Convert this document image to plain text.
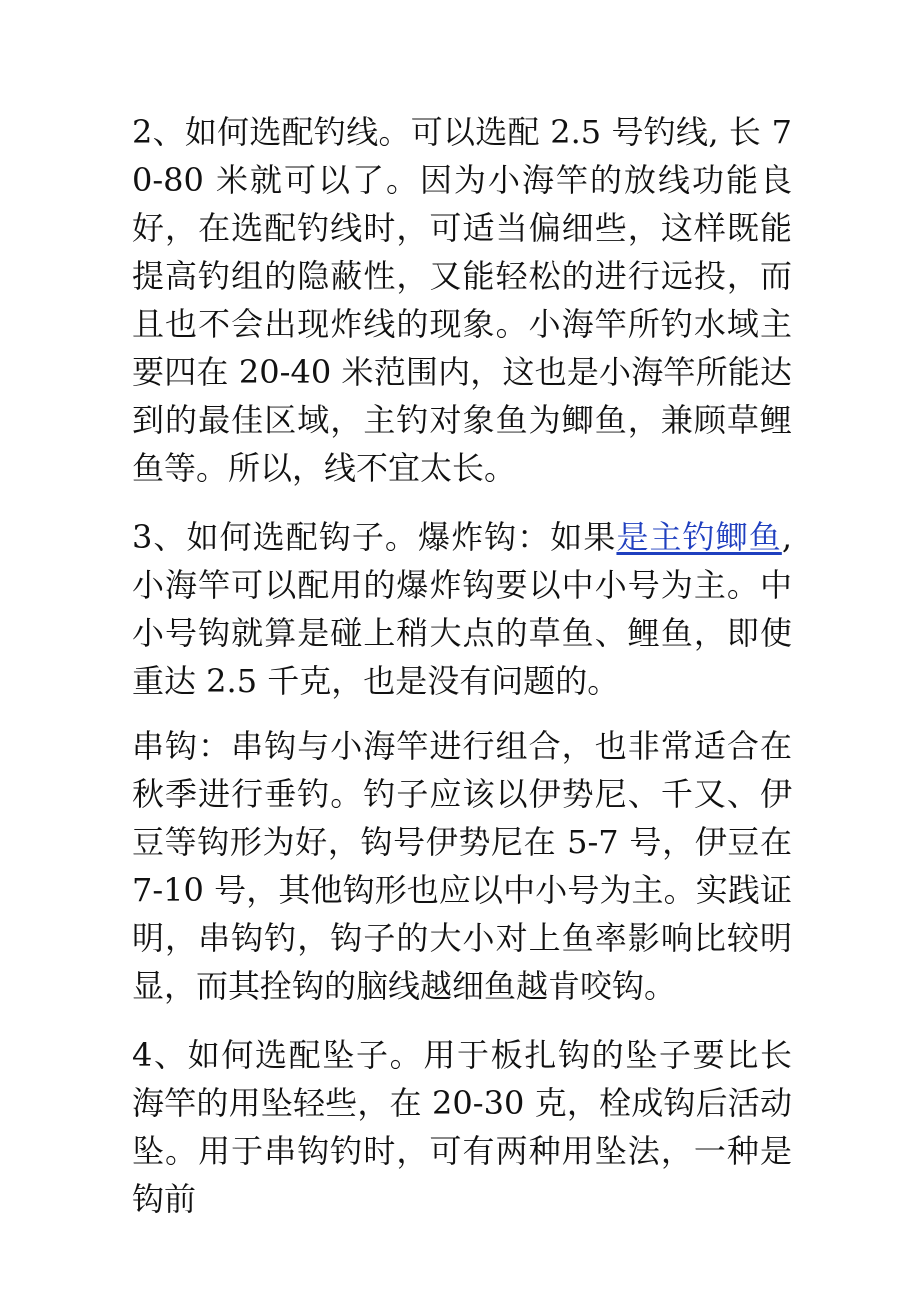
2、如何选配钓线。可以选配 2.5 号钓线, 长 70-80 米就可以了。因为小海竿的放线功能良好，在选配钓线时，可适当偏细些，这样既能提高钓组的隐蔽性，又能轻松的进行远投，而且也不会出现炸线的现象。小海竿所钓水域主要四在 20-40 米范围内，这也是小海竿所能达到的最佳区域，主钓对象鱼为鲫鱼，兼顾草鲤鱼等。所以，线不宜太长。

3、如何选配钩子。爆炸钩：如果是主钓鲫鱼, 小海竿可以配用的爆炸钩要以中小号为主。中小号钩就算是碰上稍大点的草鱼、鲤鱼，即使重达 2.5 千克，也是没有问题的。

串钩：串钩与小海竿进行组合，也非常适合在秋季进行垂钓。钓子应该以伊势尼、千又、伊豆等钩形为好，钩号伊势尼在 5-7 号，伊豆在 7-10 号，其他钩形也应以中小号为主。实践证明，串钩钓，钩子的大小对上鱼率影响比较明显，而其拴钩的脑线越细鱼越肯咬钩。

4、如何选配坠子。用于板扎钩的坠子要比长海竿的用坠轻些，在 20-30 克，栓成钩后活动坠。用于串钩钓时，可有两种用坠法，一种是钩前
